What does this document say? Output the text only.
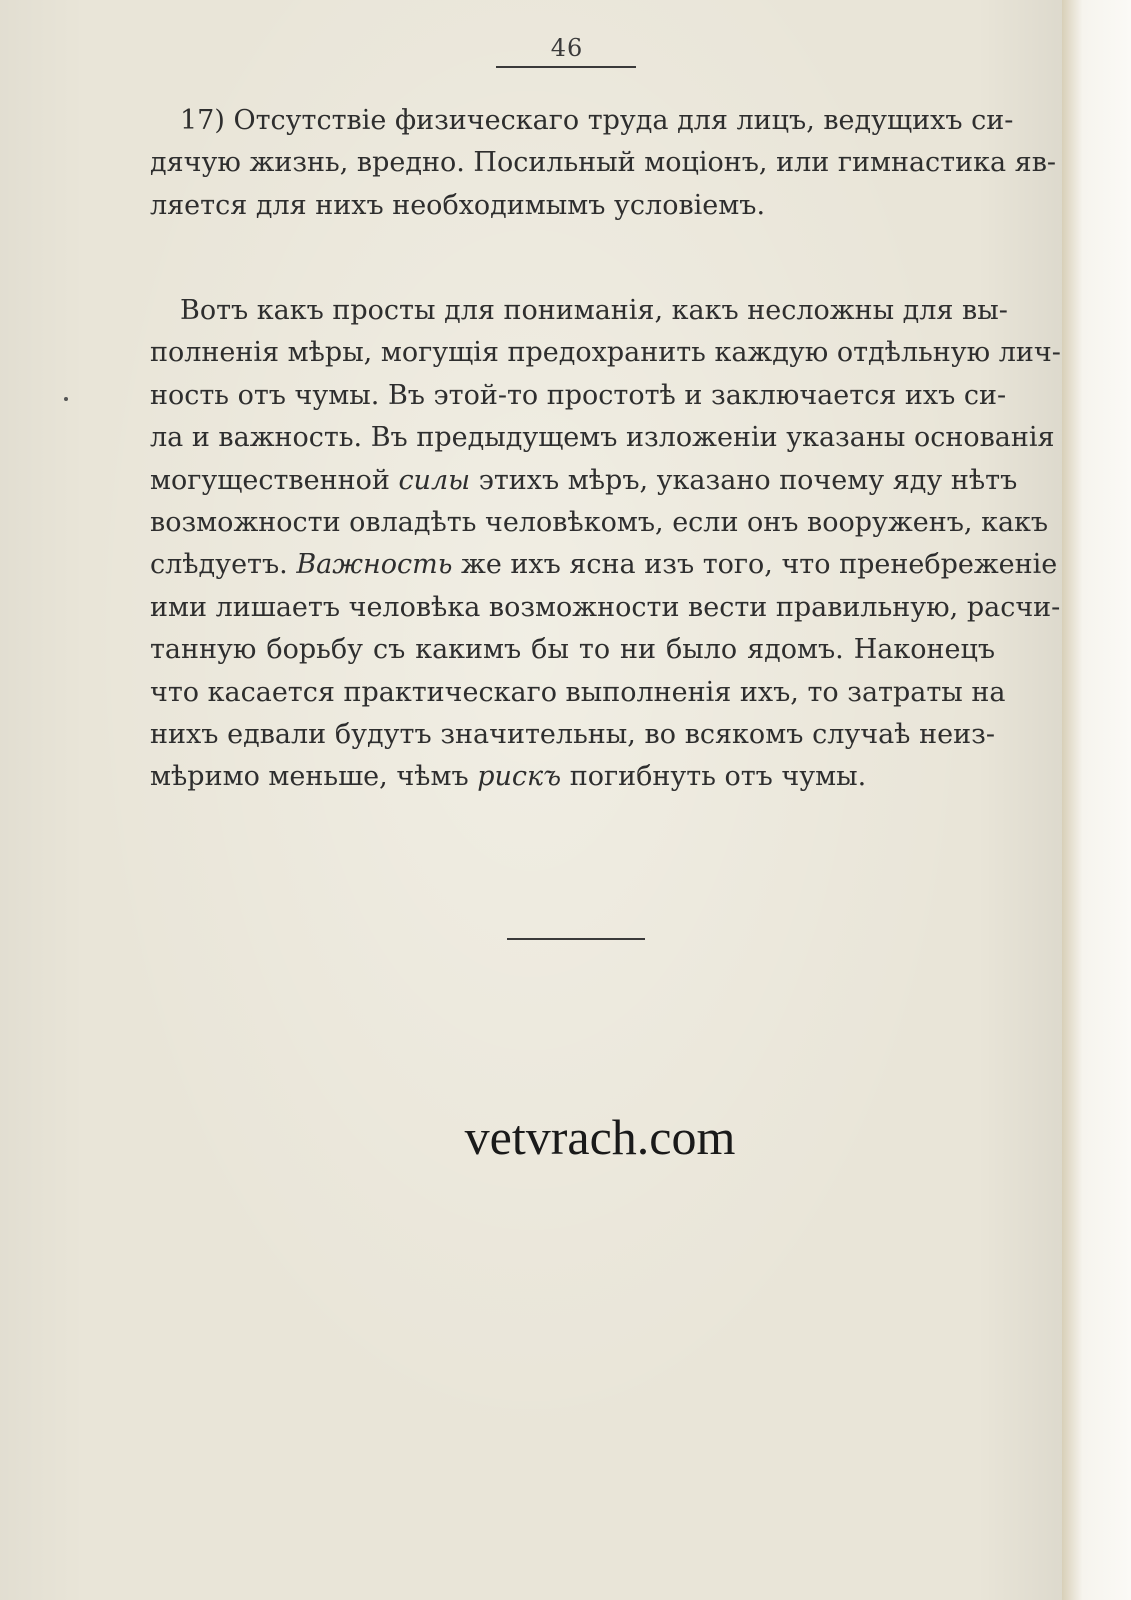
46
17) Отсутствіе физическаго труда для лицъ, ведущихъ си-
дячую жизнь, вредно. Посильный моціонъ, или гимнастика яв-
ляется для нихъ необходимымъ условіемъ.
Вотъ какъ просты для пониманія, какъ несложны для вы-
полненія мѣры, могущія предохранить каждую отдѣльную лич-
ность отъ чумы. Въ этой-то простотѣ и заключается ихъ си-
ла и важность. Въ предыдущемъ изложеніи указаны основанія
могущественной силы этихъ мѣръ, указано почему яду нѣтъ
возможности овладѣть человѣкомъ, если онъ вооруженъ, какъ
слѣдуетъ. Важность же ихъ ясна изъ того, что пренебреженіе
ими лишаетъ человѣка возможности вести правильную, расчи-
танную борьбу съ какимъ бы то ни было ядомъ. Наконецъ
что касается практическаго выполненія ихъ, то затраты на
нихъ едвали будутъ значительны, во всякомъ случаѣ неиз-
мѣримо меньше, чѣмъ рискъ погибнуть отъ чумы.
vetvrach.com
